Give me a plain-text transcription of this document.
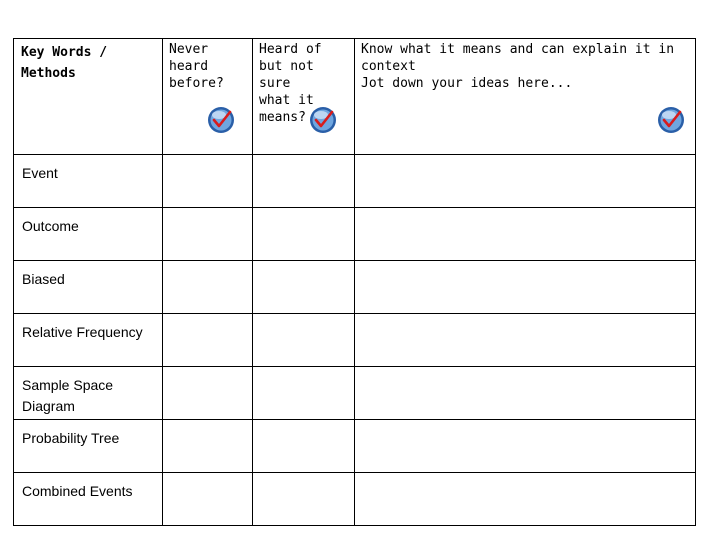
Key Words / Methods	Never
heard
before?	Heard of
but not sure
what it
means?	Know what it means and can explain it in
context
Jot down your ideas here...

Event			

Outcome			

Biased			

Relative Frequency			

Sample Space Diagram			

Probability Tree			

Combined Events			
